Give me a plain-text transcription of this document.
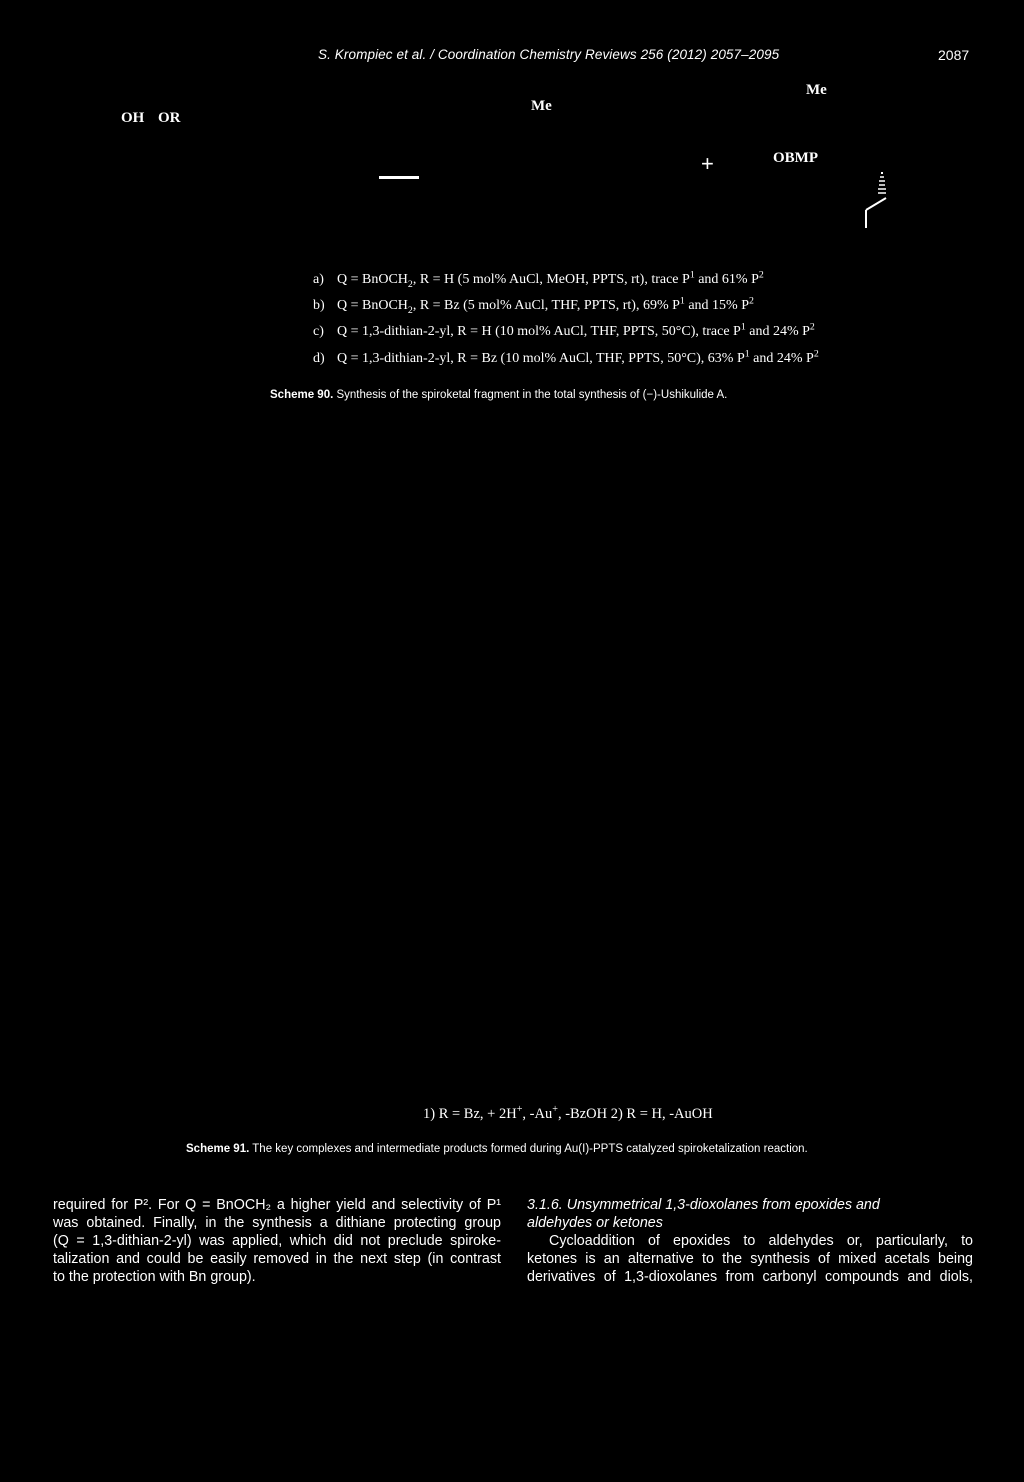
S. Krompiec et al. / Coordination Chemistry Reviews 256 (2012) 2057–2095	2087
OH OR
Me
Me
+	OBMP
a) Q = BnOCH$_2$, R = H (5 mol% AuCl, MeOH, PPTS, rt), trace $P^1$ and 61% $P^2$
b) Q = BnOCH$_2$, R = Bz (5 mol% AuCl, THF, PPTS, rt), 69% $P^1$ and 15% $P^2$
c) Q = 1,3-dithian-2-yl, R = H (10 mol% AuCl, THF, PPTS, 50°C), trace $P^1$ and 24% $P^2$
d) Q = 1,3-dithian-2-yl, R = Bz (10 mol% AuCl, THF, PPTS, 50°C), 63% $P^1$ and 24% $P^2$
Scheme 90. Synthesis of the spiroketal fragment in the total synthesis of (−)-Ushikulide A.
1) R = Bz, + 2H+, -Au+, -BzOH 2) R = H, -AuOH
Scheme 91. The key complexes and intermediate products formed during Au(I)-PPTS catalyzed spiroketalization reaction.
required for P². For Q = BnOCH₂ a higher yield and selectivity of P¹
was obtained. Finally, in the synthesis a dithiane protecting group
(Q = 1,3-dithian-2-yl) was applied, which did not preclude spiroke-
talization and could be easily removed in the next step (in contrast
to the protection with Bn group).
3.1.6. Unsymmetrical 1,3-dioxolanes from epoxides and
aldehydes or ketones
Cycloaddition of epoxides to aldehydes or, particularly, to
ketones is an alternative to the synthesis of mixed acetals being
derivatives of 1,3-dioxolanes from carbonyl compounds and diols,
